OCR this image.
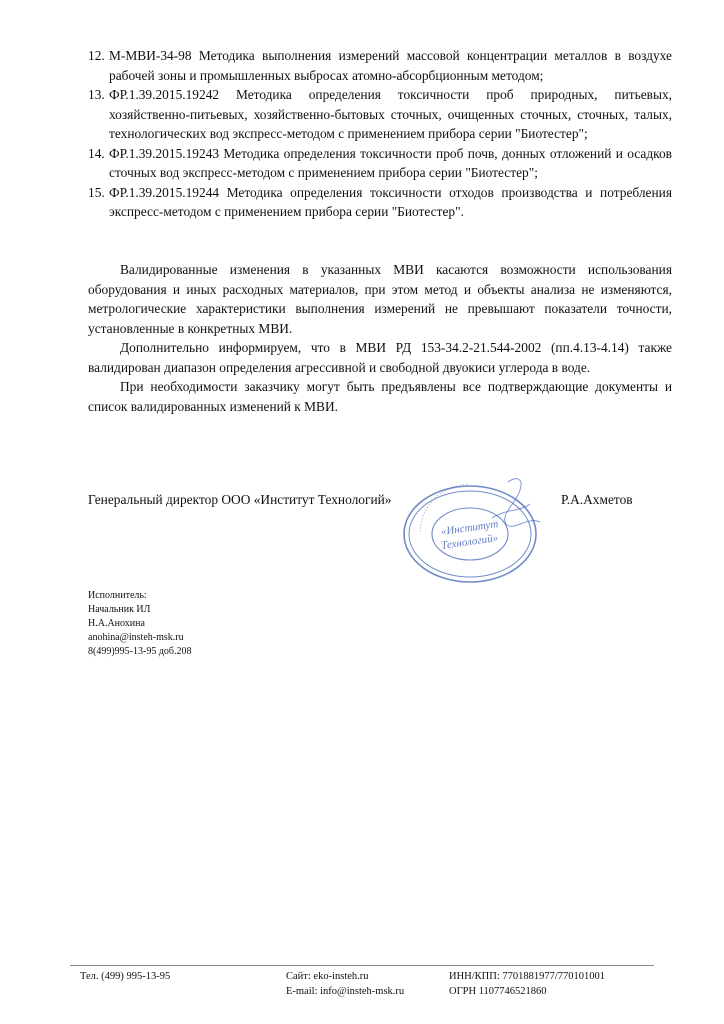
12. М-МВИ-34-98 Методика выполнения измерений массовой концентрации металлов в воздухе рабочей зоны и промышленных выбросах атомно-абсорбционным методом;
13. ФР.1.39.2015.19242 Методика определения токсичности проб природных, питьевых, хозяйственно-питьевых, хозяйственно-бытовых сточных, очищенных сточных, сточных, талых, технологических вод экспресс-методом с применением прибора серии "Биотестер";
14. ФР.1.39.2015.19243 Методика определения токсичности проб почв, донных отложений и осадков сточных вод экспресс-методом с применением прибора серии "Биотестер";
15. ФР.1.39.2015.19244 Методика определения токсичности отходов производства и потребления экспресс-методом с применением прибора серии "Биотестер".

Валидированные изменения в указанных МВИ касаются возможности использования оборудования и иных расходных материалов, при этом метод и объекты анализа не изменяются, метрологические характеристики выполнения измерений не превышают показатели точности, установленные в конкретных МВИ.

Дополнительно информируем, что в МВИ РД 153-34.2-21.544-2002 (пп.4.13-4.14) также валидирован диапазон определения агрессивной и свободной двуокиси углерода в воде.

При необходимости заказчику могут быть предъявлены все подтверждающие документы и список валидированных изменений к МВИ.

Генеральный директор ООО «Институт Технологий»	Р.А.Ахметов
• • • • • • • • • • • • • • • • • • • • • • • •
«Институт
Технологий»
Исполнитель:
Начальник ИЛ
Н.А.Анохина
anohina@insteh-msk.ru
8(499)995-13-95 доб.208
Тел. (499) 995-13-95	Сайт: eko-insteh.ru
E-mail: info@insteh-msk.ru
ИНН/КПП: 7701881977/770101001
ОГРН 1107746521860
